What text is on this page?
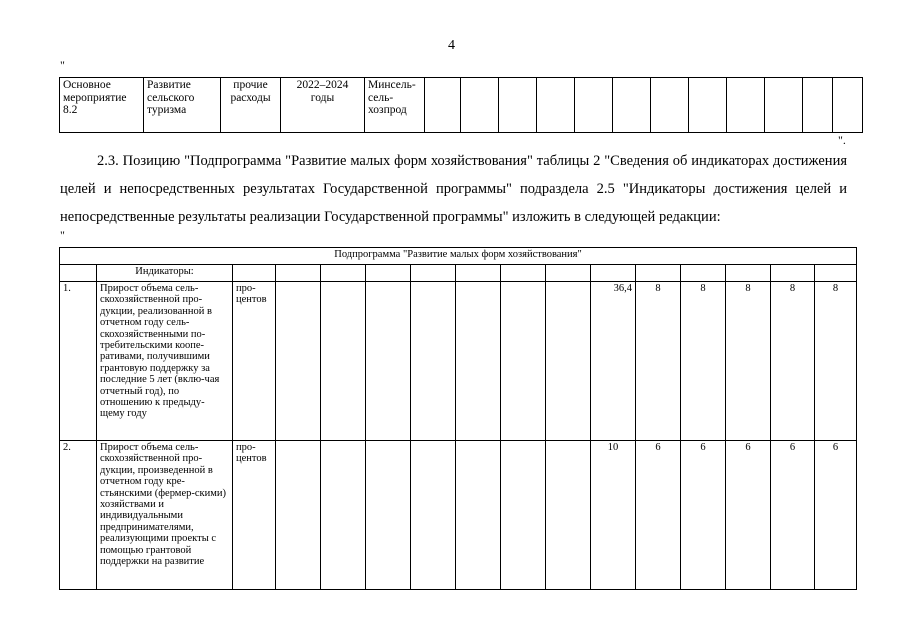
4
"
Основное мероприятие 8.2	Развитие сельского туризма	прочие расходы	2022–2024 годы	Минсель-сель-хозпрод												
".
2.3. Позицию "Подпрограмма "Развитие малых форм хозяйствования" таблицы 2 "Сведения об индикаторах достижения целей и непосредственных результатах Государственной программы" подраздела 2.5 "Индикаторы достижения целей и непосредственные результаты реализации Государственной программы" изложить в следующей редакции:
"
Подпрограмма "Развитие малых форм хозяйствования"															
	Индикаторы:														
1.	Прирост объема сель-скохозяйственной про-дукции, реализованной в отчетном году сель-скохозяйственными по-требительскими коопе-ративами, получившими грантовую поддержку за последние 5 лет (вклю-чая отчетный год), по отношению к предыду-щему году	про-центов								36,4	8	8	8	8	8
2.	Прирост объема сель-скохозяйственной про-дукции, произведенной в отчетном году кре-стьянскими (фермер-скими) хозяйствами и индивидуальными предпринимателями, реализующими проекты с помощью грантовой поддержки на развитие	про-центов								10	6	6	6	6	6
